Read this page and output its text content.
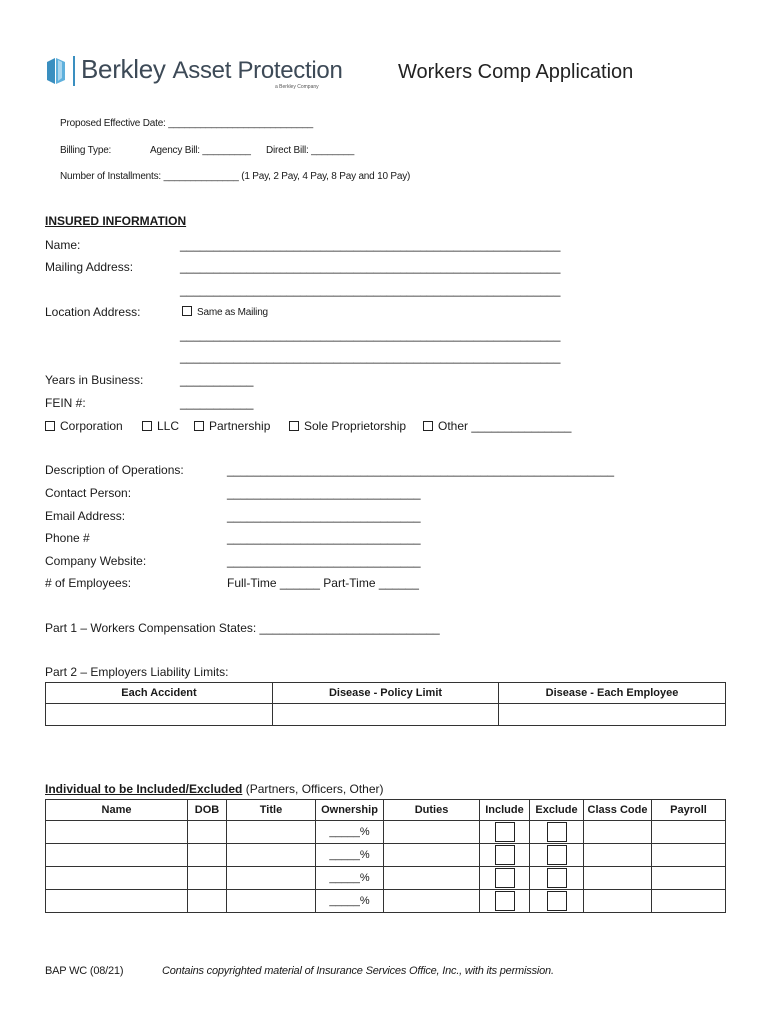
Berkley Asset Protection
a Berkley Company
Workers Comp Application
Proposed Effective Date: ___________________________
Billing Type:	Agency Bill: _________ Direct Bill: ________
Number of Installments: ______________ (1 Pay, 2 Pay, 4 Pay, 8 Pay and 10 Pay)
INSURED INFORMATION
Name:	_________________________________________________________
Mailing Address:	_________________________________________________________
_________________________________________________________
Location Address:	Same as Mailing
_________________________________________________________
_________________________________________________________
Years in Business:	___________
FEIN #:	___________
Corporation	LLC	Partnership	Sole Proprietorship	Other _______________
Description of Operations:	__________________________________________________________
Contact Person:	_____________________________
Email Address:	_____________________________
Phone #	_____________________________
Company Website:	_____________________________
# of Employees:	Full-Time ______ Part-Time ______
Part 1 – Workers Compensation States: ___________________________
Part 2 – Employers Liability Limits:
Each Accident	Disease - Policy Limit	Disease - Each Employee

Individual to be Included/Excluded (Partners, Officers, Other)
Name	DOB	Title	Ownership	Duties	Include	Exclude	Class Code	Payroll
			_____%		

			_____%		

			_____%		

			_____%		

BAP WC (08/21)	Contains copyrighted material of Insurance Services Office, Inc., with its permission.
